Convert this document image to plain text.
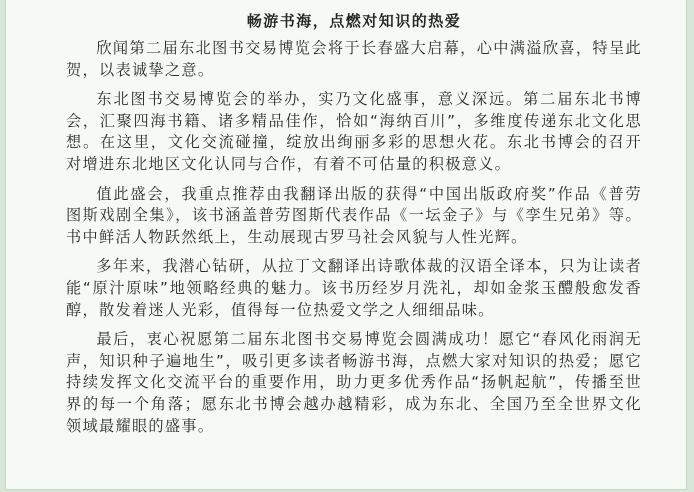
畅游书海，点燃对知识的热爱

欣闻第二届东北图书交易博览会将于长春盛大启幕，心中满溢欣喜，特呈此贺，以表诚挚之意。

东北图书交易博览会的举办，实乃文化盛事，意义深远。第二届东北书博会，汇聚四海书籍、诸多精品佳作，恰如“海纳百川”，多维度传递东北文化思想。在这里，文化交流碰撞，绽放出绚丽多彩的思想火花。东北书博会的召开对增进东北地区文化认同与合作，有着不可估量的积极意义。

值此盛会，我重点推荐由我翻译出版的获得“中国出版政府奖”作品《普劳图斯戏剧全集》，该书涵盖普劳图斯代表作品《一坛金子》与《孪生兄弟》等。书中鲜活人物跃然纸上，生动展现古罗马社会风貌与人性光辉。

多年来，我潜心钻研，从拉丁文翻译出诗歌体裁的汉语全译本，只为让读者能“原汁原味”地领略经典的魅力。该书历经岁月洗礼，却如金浆玉醴般愈发香醇，散发着迷人光彩，值得每一位热爱文学之人细细品味。

最后，衷心祝愿第二届东北图书交易博览会圆满成功！愿它“春风化雨润无声，知识种子遍地生”，吸引更多读者畅游书海，点燃大家对知识的热爱；愿它持续发挥文化交流平台的重要作用，助力更多优秀作品“扬帆起航”，传播至世界的每一个角落；愿东北书博会越办越精彩，成为东北、全国乃至全世界文化领域最耀眼的盛事。
